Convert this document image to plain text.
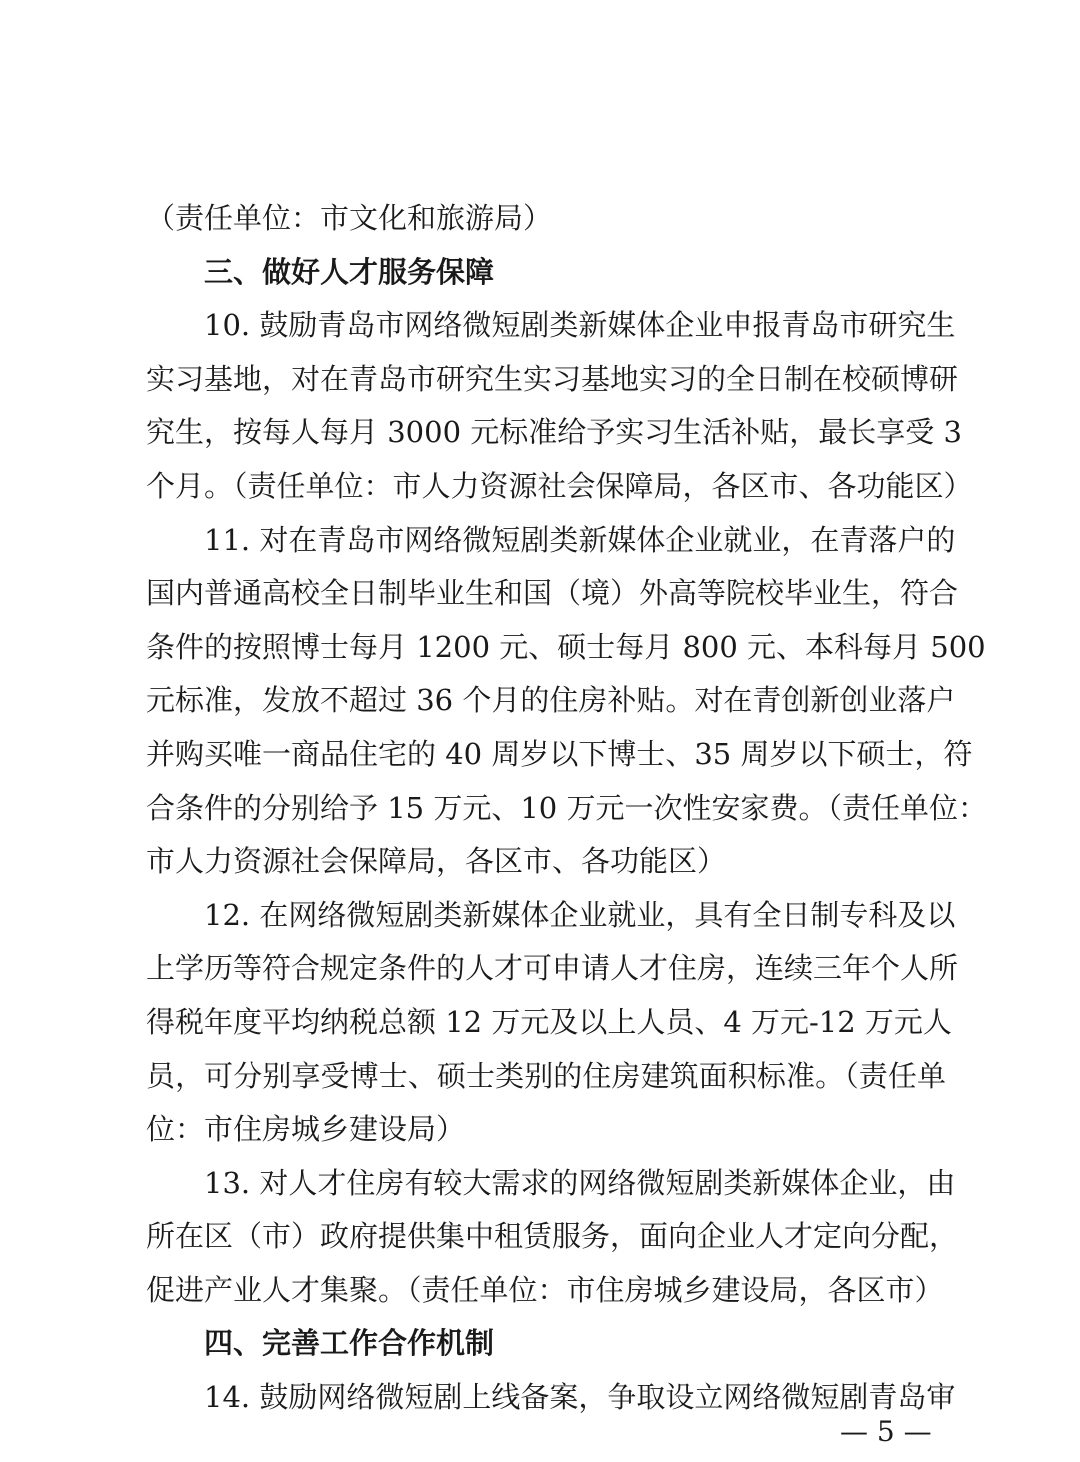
（责任单位：市文化和旅游局）
三、做好人才服务保障
10. 鼓励青岛市网络微短剧类新媒体企业申报青岛市研究生
实习基地，对在青岛市研究生实习基地实习的全日制在校硕博研
究生，按每人每月 3000 元标准给予实习生活补贴，最长享受 3
个月。（责任单位：市人力资源社会保障局，各区市、各功能区）
11. 对在青岛市网络微短剧类新媒体企业就业，在青落户的
国内普通高校全日制毕业生和国（境）外高等院校毕业生，符合
条件的按照博士每月 1200 元、硕士每月 800 元、本科每月 500
元标准，发放不超过 36 个月的住房补贴。对在青创新创业落户
并购买唯一商品住宅的 40 周岁以下博士、35 周岁以下硕士，符
合条件的分别给予 15 万元、10 万元一次性安家费。（责任单位：
市人力资源社会保障局，各区市、各功能区）
12. 在网络微短剧类新媒体企业就业，具有全日制专科及以
上学历等符合规定条件的人才可申请人才住房，连续三年个人所
得税年度平均纳税总额 12 万元及以上人员、4 万元-12 万元人
员，可分别享受博士、硕士类别的住房建筑面积标准。（责任单
位：市住房城乡建设局）
13. 对人才住房有较大需求的网络微短剧类新媒体企业，由
所在区（市）政府提供集中租赁服务，面向企业人才定向分配，
促进产业人才集聚。（责任单位：市住房城乡建设局，各区市）
四、完善工作合作机制
14. 鼓励网络微短剧上线备案，争取设立网络微短剧青岛审
— 5 —
